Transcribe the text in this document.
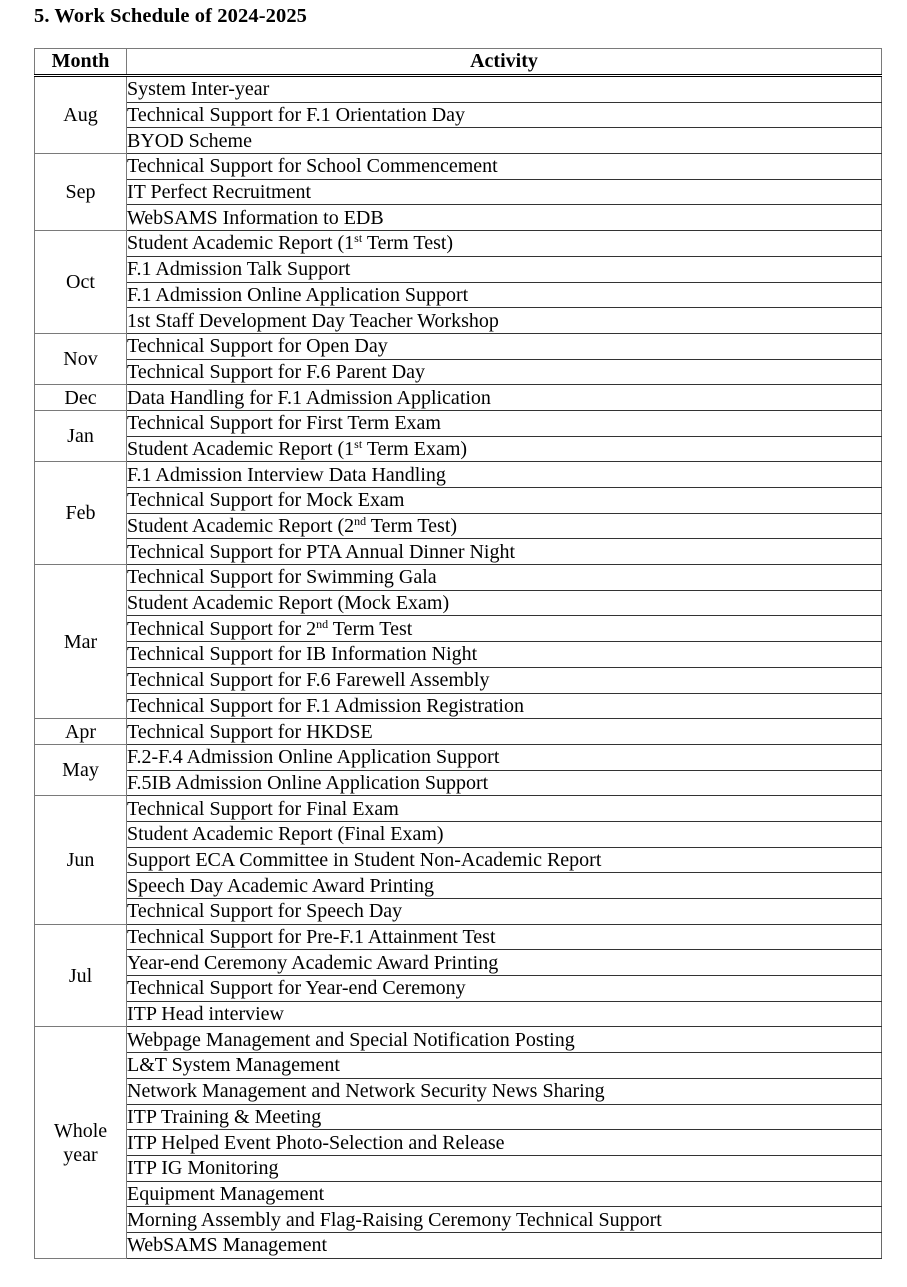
5. Work Schedule of 2024-2025
Month	Activity
Aug	System Inter-year
	Technical Support for F.1 Orientation Day
	BYOD Scheme
Sep	Technical Support for School Commencement
	IT Perfect Recruitment
	WebSAMS Information to EDB
Oct	Student Academic Report (1st Term Test)
	F.1 Admission Talk Support
	F.1 Admission Online Application Support
	1st Staff Development Day Teacher Workshop
Nov	Technical Support for Open Day
	Technical Support for F.6 Parent Day
Dec	Data Handling for F.1 Admission Application
Jan	Technical Support for First Term Exam
	Student Academic Report (1st Term Exam)
Feb	F.1 Admission Interview Data Handling
	Technical Support for Mock Exam
	Student Academic Report (2nd Term Test)
	Technical Support for PTA Annual Dinner Night
Mar	Technical Support for Swimming Gala
	Student Academic Report (Mock Exam)
	Technical Support for 2nd Term Test
	Technical Support for IB Information Night
	Technical Support for F.6 Farewell Assembly
	Technical Support for F.1 Admission Registration
Apr	Technical Support for HKDSE
May	F.2-F.4 Admission Online Application Support
	F.5IB Admission Online Application Support
Jun	Technical Support for Final Exam
	Student Academic Report (Final Exam)
	Support ECA Committee in Student Non-Academic Report
	Speech Day Academic Award Printing
	Technical Support for Speech Day
Jul	Technical Support for Pre-F.1 Attainment Test
	Year-end Ceremony Academic Award Printing
	Technical Support for Year-end Ceremony
	ITP Head interview

Whole
year	Webpage Management and Special Notification Posting
	L&T System Management
	Network Management and Network Security News Sharing
	ITP Training & Meeting
	ITP Helped Event Photo-Selection and Release
	ITP IG Monitoring
	Equipment Management
	Morning Assembly and Flag-Raising Ceremony Technical Support
	WebSAMS Management
